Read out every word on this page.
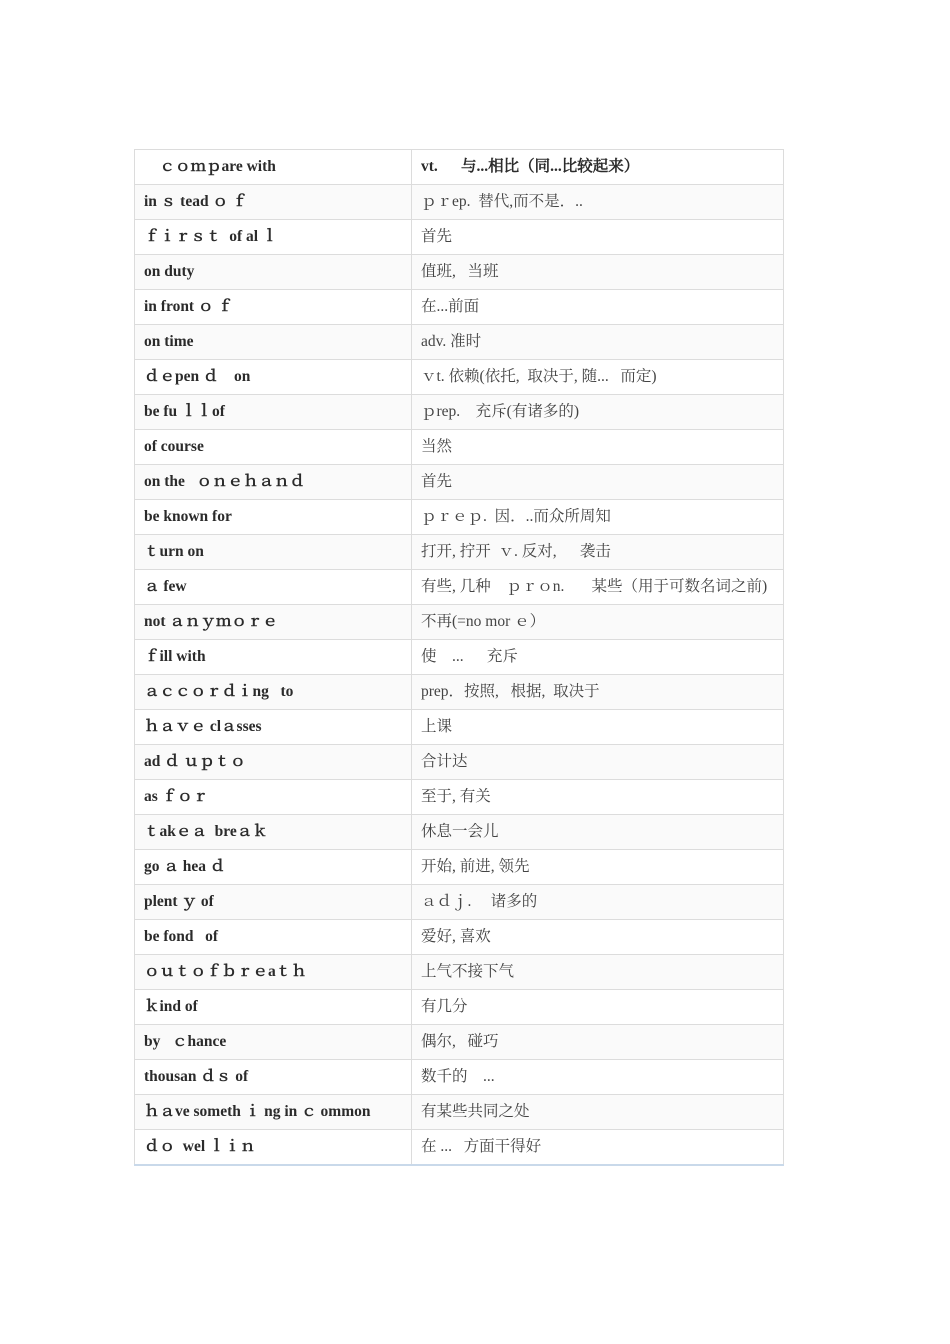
ｃｏｍｐare with	vt.      与...相比（同...比较起来）
in ｓ tead ｏ ｆ	ｐｒep.  替代,而不是．..
ｆｉｒｓｔ  of al ｌ	首先
on duty	值班,   当班
in front ｏ ｆ	在...前面
on time	adv. 准时
ｄｅpen ｄ    on	ｖt. 依赖(依托,  取决于, 随...   而定)
be fu ｌｌof	ｐrep.    充斥(有诸多的)
of course	当然
on the   ｏｎｅｈａｎｄ	首先
be known for	ｐｒｅｐ.  因．..而众所周知
ｔurn on	打开, 拧开  ｖ. 反对,      袭击
ａ few	有些, 几种    ｐｒｏn.       某些（用于可数名词之前)
not ａｎｙｍｏｒｅ	不再(=no mor ｅ）
ｆill with	使    ...      充斥
ａｃｃｏｒｄｉng   to	prep．按照,   根据,  取决于
ｈａｖｅ clａsses	上课
ad ｄ ｕｐｔｏ	合计达
as ｆｏｒ	至于, 有关
ｔakｅａ  breａｋ	休息一会儿
go ａ hea ｄ	开始, 前进, 领先
plent ｙ of	ａｄｊ.     诸多的
be fond   of	爱好, 喜欢
ｏｕｔｏｆｂｒｅaｔｈ	上气不接下气
ｋind of	有几分
by   ｃhance	偶尔,   碰巧
thousan ｄｓ of	数千的    ...
ｈａve someth ｉ ng in ｃ ommon	有某些共同之处
ｄｏ  wel ｌｉｎ	在 ...   方面干得好
